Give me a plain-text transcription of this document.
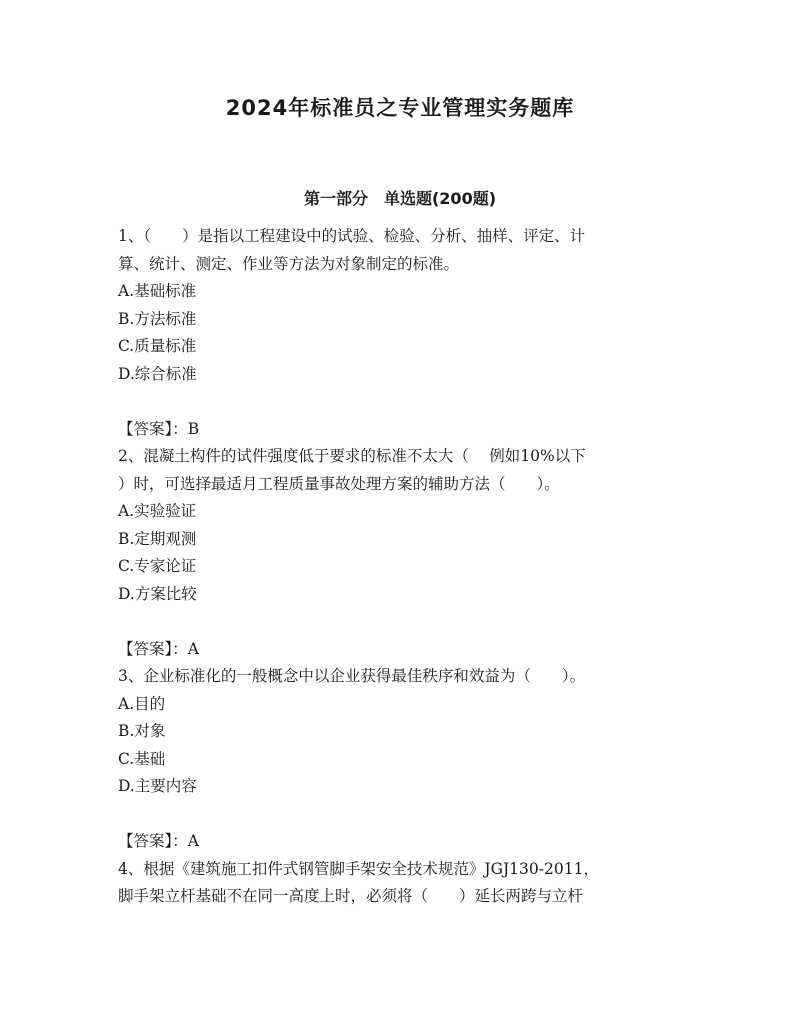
2024年标准员之专业管理实务题库
第一部分　单选题(200题)
1、（　　）是指以工程建设中的试验、检验、分析、抽样、评定、计
算、统计、测定、作业等方法为对象制定的标准。
A.基础标准
B.方法标准
C.质量标准
D.综合标准
【答案】：B
2、混凝土构件的试件强度低于要求的标准不太大（　 例如10%以下
）时，可选择最适月工程质量事故处理方案的辅助方法（　　）。
A.实验验证
B.定期观测
C.专家论证
D.方案比较
【答案】：A
3、企业标准化的一般概念中以企业获得最佳秩序和效益为（　　）。
A.目的
B.对象
C.基础
D.主要内容
【答案】：A
4、根据《建筑施工扣件式钢管脚手架安全技术规范》JGJ130-2011，
脚手架立杆基础不在同一高度上时，必须将（　　）延长两跨与立杆
